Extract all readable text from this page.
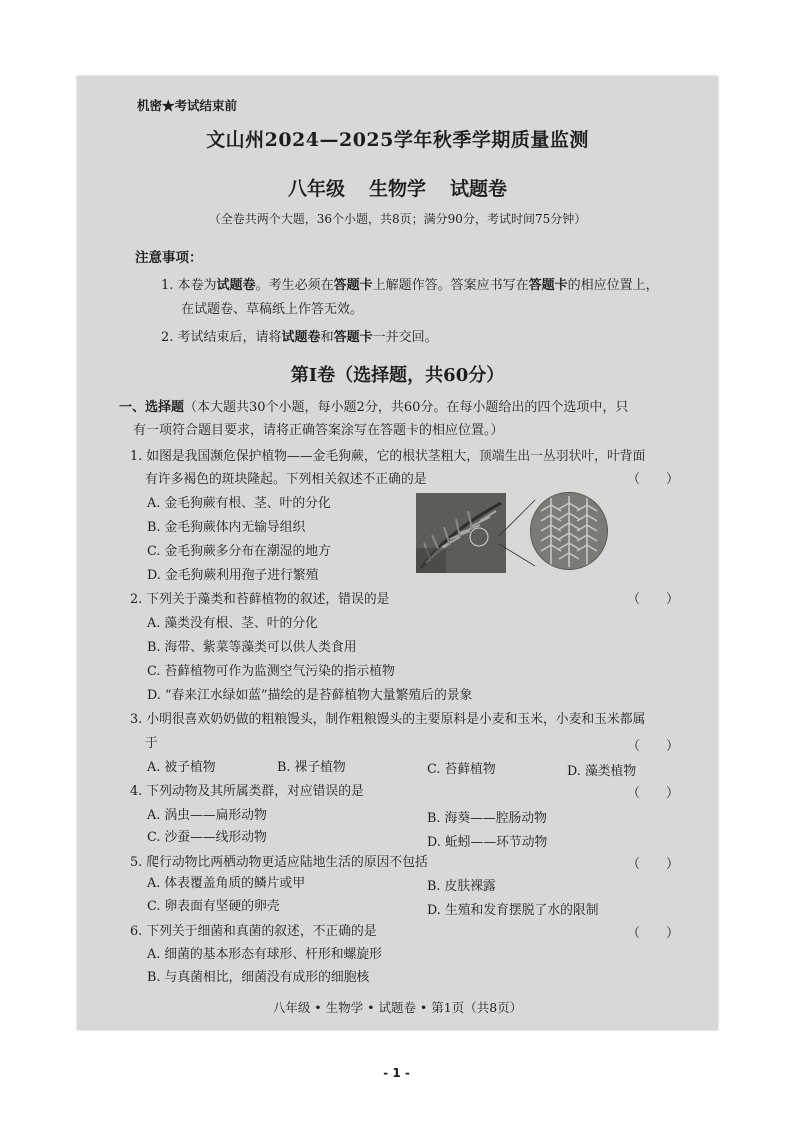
机密★考试结束前
文山州2024—2025学年秋季学期质量监测
八年级 生物学 试题卷
（全卷共两个大题，36个小题，共8页；满分90分，考试时间75分钟）
注意事项：
1. 本卷为试题卷。考生必须在答题卡上解题作答。答案应书写在答题卡的相应位置上，
在试题卷、草稿纸上作答无效。
2. 考试结束后，请将试题卷和答题卡一并交回。
第Ⅰ卷（选择题，共60分）
一、选择题（本大题共30个小题，每小题2分，共60分。在每小题给出的四个选项中，只
有一项符合题目要求，请将正确答案涂写在答题卡的相应位置。）
1. 如图是我国濒危保护植物——金毛狗蕨，它的根状茎粗大，顶端生出一丛羽状叶，叶背面
有许多褐色的斑块隆起。下列相关叙述不正确的是	（　　）
A. 金毛狗蕨有根、茎、叶的分化
B. 金毛狗蕨体内无输导组织
C. 金毛狗蕨多分布在潮湿的地方
D. 金毛狗蕨利用孢子进行繁殖
2. 下列关于藻类和苔藓植物的叙述，错误的是	（　　）
A. 藻类没有根、茎、叶的分化
B. 海带、紫菜等藻类可以供人类食用
C. 苔藓植物可作为监测空气污染的指示植物
D. “春来江水绿如蓝”描绘的是苔藓植物大量繁殖后的景象
3. 小明很喜欢奶奶做的粗粮馒头，制作粗粮馒头的主要原料是小麦和玉米，小麦和玉米都属
于	（　　）
A. 被子植物	B. 裸子植物	C. 苔藓植物	D. 藻类植物
4. 下列动物及其所属类群，对应错误的是	（　　）
A. 涡虫——扁形动物	B. 海葵——腔肠动物
C. 沙蚕——线形动物	D. 蚯蚓——环节动物
5. 爬行动物比两栖动物更适应陆地生活的原因不包括	（　　）
A. 体表覆盖角质的鳞片或甲	B. 皮肤裸露
C. 卵表面有坚硬的卵壳	D. 生殖和发育摆脱了水的限制
6. 下列关于细菌和真菌的叙述，不正确的是	（　　）
A. 细菌的基本形态有球形、杆形和螺旋形
B. 与真菌相比，细菌没有成形的细胞核
八年级 • 生物学 • 试题卷 • 第1页（共8页）
- 1 -
